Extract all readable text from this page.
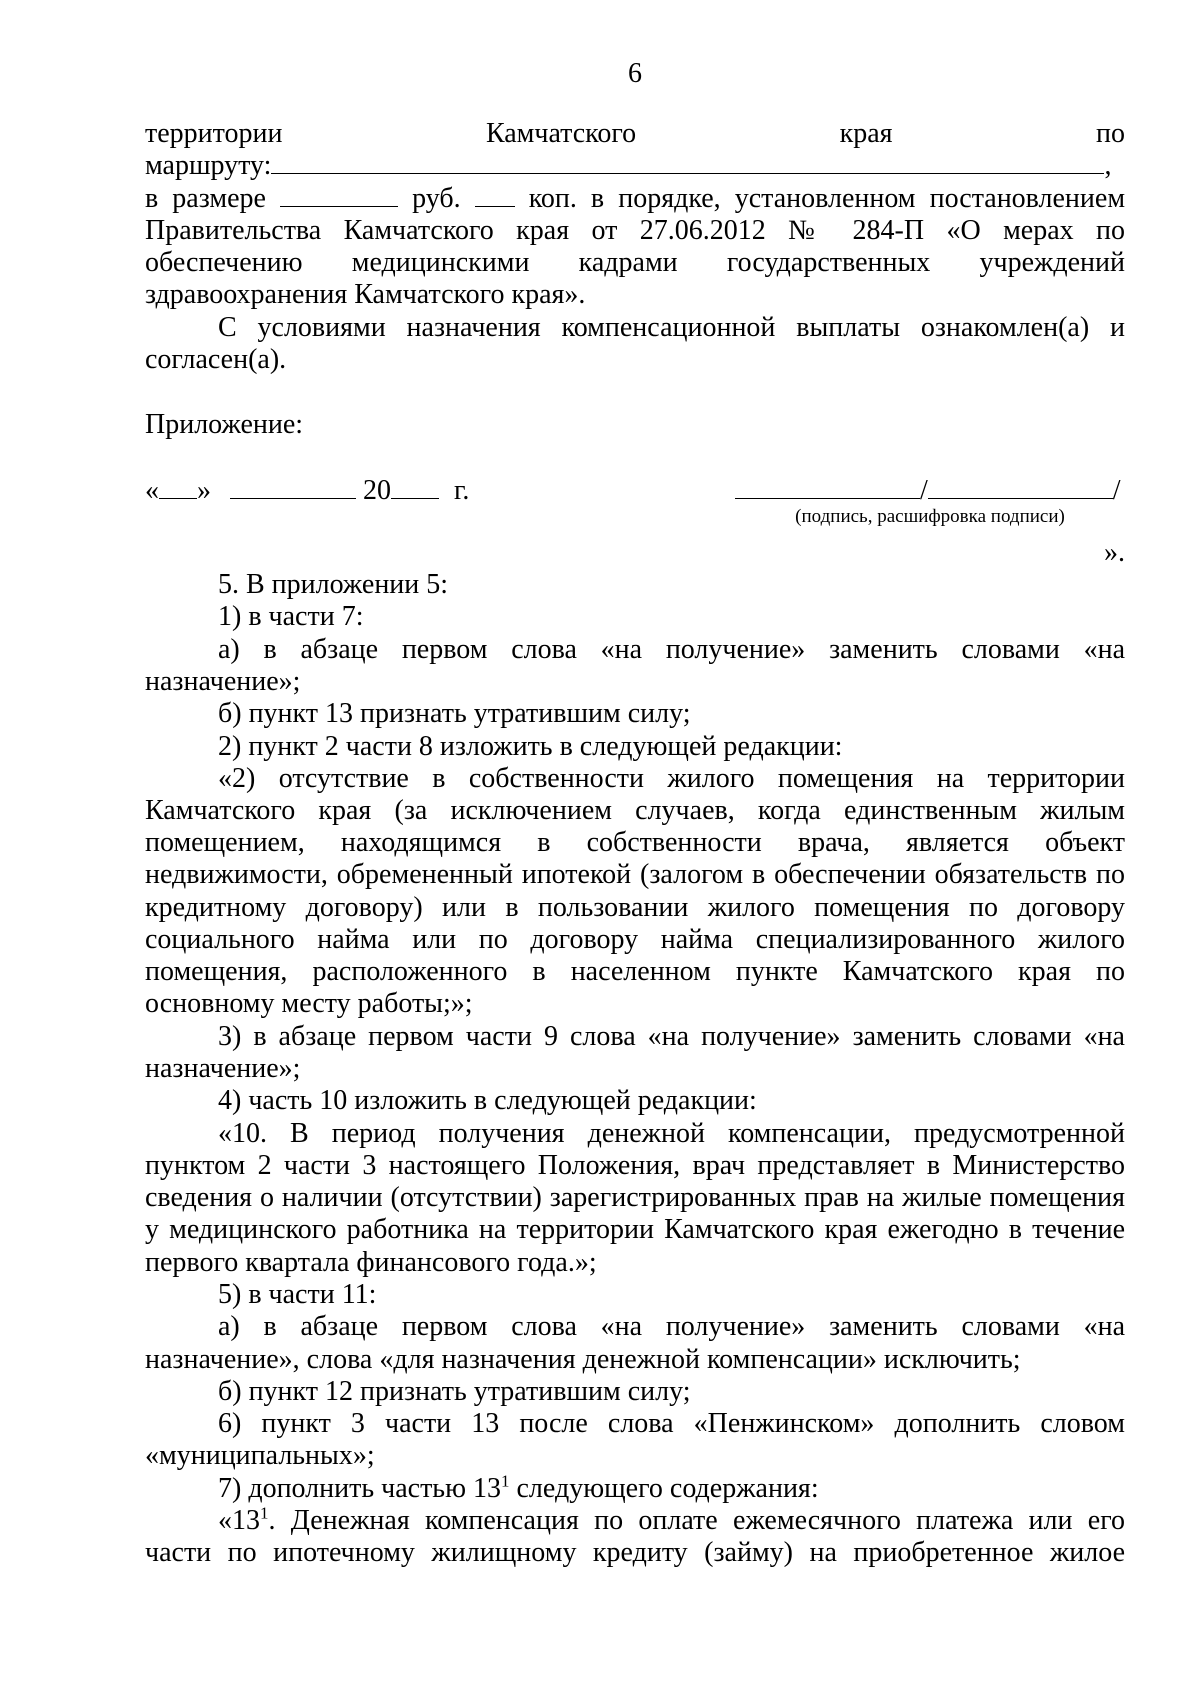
6
территории	Камчатского	края	по
маршруту:	,
в размере	руб. коп. в порядке, установленном постановлением
Правительства Камчатского края от 27.06.2012 № 284-П «О мерах по
обеспечению медицинскими кадрами государственных учреждений
здравоохранения Камчатского края».
С условиями назначения компенсационной выплаты ознакомлен(а) и
согласен(а).
Приложение:
« »	20 г.	/	/
(подпись, расшифровка подписи)
».
5. В приложении 5:
1) в части 7:
а) в абзаце первом слова «на получение» заменить словами «на
назначение»;
б) пункт 13 признать утратившим силу;
2) пункт 2 части 8 изложить в следующей редакции:
«2) отсутствие в собственности жилого помещения на территории
Камчатского края (за исключением случаев, когда единственным жилым
помещением, находящимся в собственности врача, является объект
недвижимости, обремененный ипотекой (залогом в обеспечении обязательств по
кредитному договору) или в пользовании жилого помещения по договору
социального найма или по договору найма специализированного жилого
помещения, расположенного в населенном пункте Камчатского края по
основному месту работы;»;
3) в абзаце первом части 9 слова «на получение» заменить словами «на
назначение»;
4) часть 10 изложить в следующей редакции:
«10. В период получения денежной компенсации, предусмотренной
пунктом 2 части 3 настоящего Положения, врач представляет в Министерство
сведения о наличии (отсутствии) зарегистрированных прав на жилые помещения
у медицинского работника на территории Камчатского края ежегодно в течение
первого квартала финансового года.»;
5) в части 11:
а) в абзаце первом слова «на получение» заменить словами «на
назначение», слова «для назначения денежной компенсации» исключить;
б) пункт 12 признать утратившим силу;
6) пункт 3 части 13 после слова «Пенжинском» дополнить словом
«муниципальных»;
7) дополнить частью $13^1$ следующего содержания:
«$13^1$. Денежная компенсация по оплате ежемесячного платежа или его
части по ипотечному жилищному кредиту (займу) на приобретенное жилое
